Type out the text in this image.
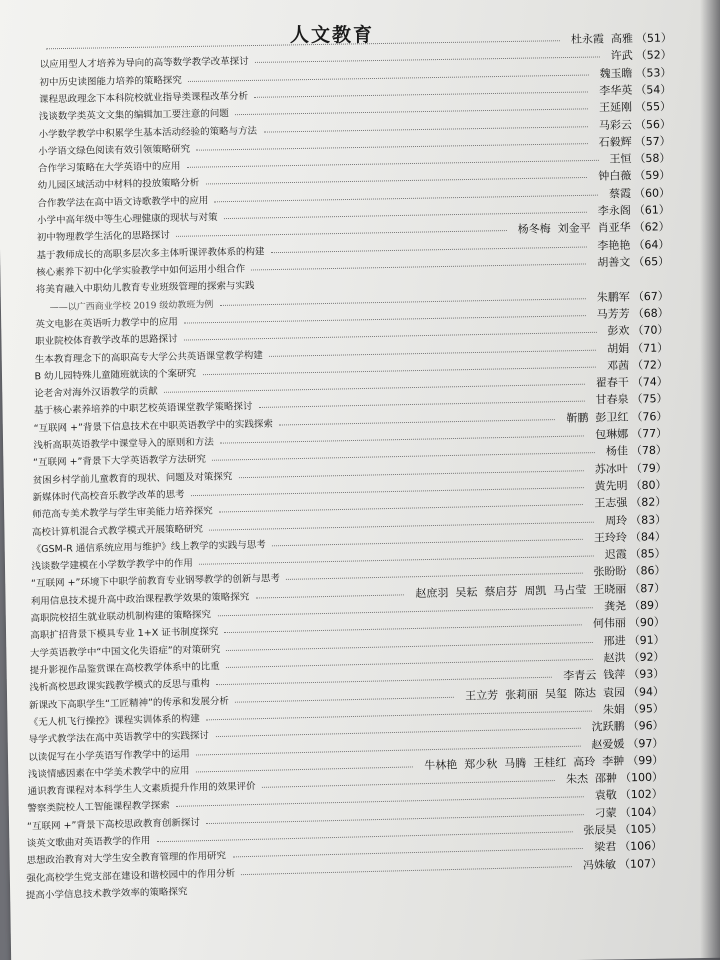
人文教育	杜永霞 高雅 （51）
以应用型人才培养为导向的高等数学教学改革探讨
许武 （52）
初中历史读图能力培养的策略探究
魏玉瞻 （53）
课程思政理念下本科院校就业指导类课程改革分析
李华英 （54）
浅谈数学类英文文集的编辑加工要注意的问题
王延刚 （55）
小学数学教学中积累学生基本活动经验的策略与方法
马彩云 （56）
小学语文绿色阅读有效引领策略研究
石毅辉 （57）
合作学习策略在大学英语中的应用
王恒 （58）
幼儿园区域活动中材料的投放策略分析
钟白薇 （59）
合作教学法在高中语文诗歌教学中的应用
蔡霞 （60）
小学中高年级中等生心理健康的现状与对策
李永阁 （61）
初中物理教学生活化的思路探讨
杨冬梅 刘金平 肖亚华 （62）
基于教师成长的高职多层次多主体听课评教体系的构建
李艳艳 （64）
核心素养下初中化学实验教学中如何运用小组合作
胡善文 （65）
将美育融入中职幼儿教育专业班级管理的探索与实践
——以广西商业学校 2019 级幼教班为例
朱鹏军 （67）
英文电影在英语听力教学中的应用
马芳芳 （68）
职业院校体育教学改革的思路探讨
彭欢 （70）
生本教育理念下的高职高专大学公共英语课堂教学构建
胡娟 （71）
B 幼儿园特殊儿童随班就读的个案研究
邓茜 （72）
论老舍对海外汉语教学的贡献
翟春干 （74）
基于核心素养培养的中职艺校英语课堂教学策略探讨
甘春泉 （75）
“互联网 +”背景下信息技术在中职英语教学中的实践探索
靳鹏 彭卫红 （76）
浅析高职英语教学中课堂导入的原则和方法
包琳娜 （77）
“互联网 +”背景下大学英语教学方法研究
杨佳 （78）
贫困乡村学前儿童教育的现状、问题及对策探究
苏冰叶 （79）
新媒体时代高校音乐教学改革的思考
黄先明 （80）
师范高专美术教学与学生审美能力培养探究
王志强 （82）
高校计算机混合式教学模式开展策略研究
周玲 （83）
《GSM-R 通信系统应用与维护》线上教学的实践与思考
王玲玲 （84）
浅谈数学建模在小学数学教学中的作用
迟霞 （85）
“互联网 +”环境下中职学前教育专业钢琴教学的创新与思考
张盼盼 （86）
利用信息技术提升高中政治课程教学效果的策略探究	赵庶羽 吴耘 蔡启芬 周凯 马占莹 王晓丽 （87）
高职院校招生就业联动机制构建的策略探究
龚尧 （89）
高职扩招背景下模具专业 1+X 证书制度探究
何伟丽 （90）
大学英语教学中“中国文化失语症”的对策研究
邢进 （91）
提升影视作品鉴赏课在高校教学体系中的比重
赵洪 （92）
浅析高校思政课实践教学模式的反思与重构
李青云 钱萍 （93）
新课改下高职学生“工匠精神”的传承和发展分析
王立芳 张莉丽 吴玺 陈达 袁园 （94）
《无人机飞行操控》课程实训体系的构建
朱娟 （95）
导学式教学法在高中英语教学中的实践探讨
沈跃鹏 （96）
以读促写在小学英语写作教学中的运用
赵爱媛 （97）
浅谈情感因素在中学美术教学中的应用
牛林艳 郑少秋 马腾 王桂红 高玲 李翀 （99）
通识教育课程对本科学生人文素质提升作用的效果评价
朱杰 邵翀 （100）
警察类院校人工智能课程教学探索
袁敬 （102）
“互联网 +”背景下高校思政教育创新探讨
刁蒙 （104）
谈英文歌曲对英语教学的作用
张辰昊 （105）
思想政治教育对大学生安全教育管理的作用研究
梁君 （106）
强化高校学生党支部在建设和谐校园中的作用分析
冯姝敏 （107）
提高小学信息技术教学效率的策略探究
